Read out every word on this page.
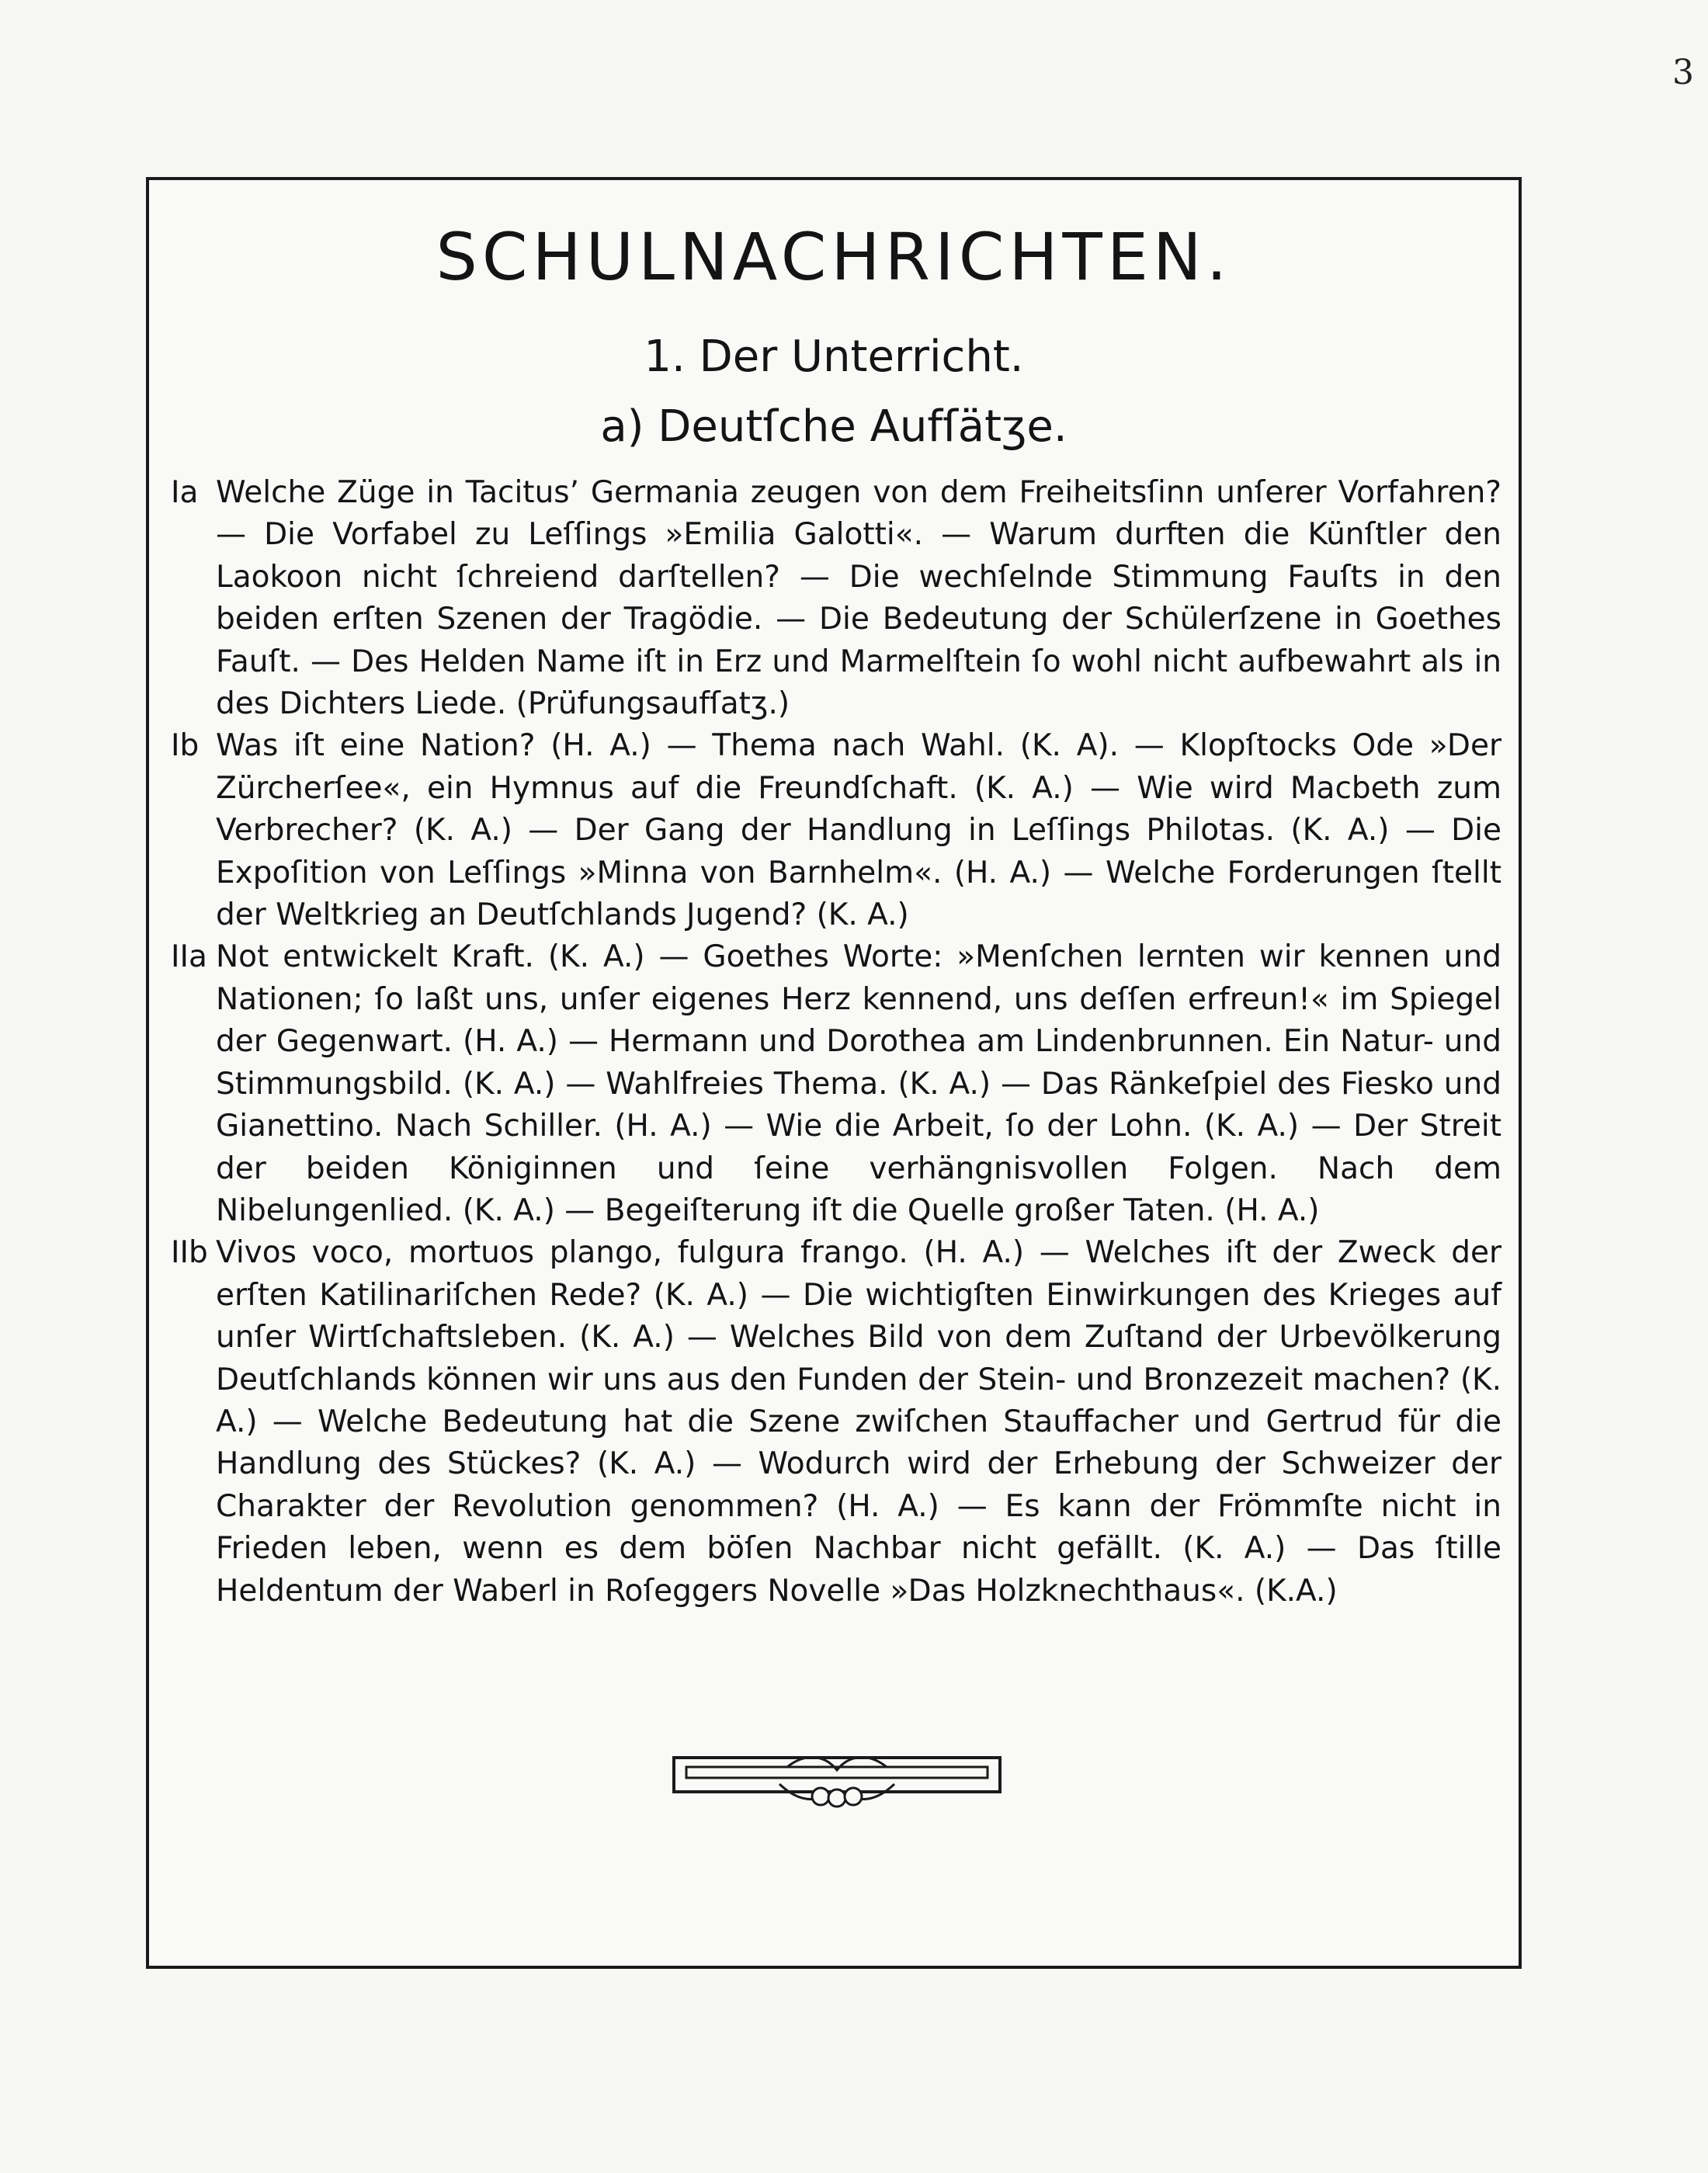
3
SCHULNACHRICHTEN.
1. Der Unterricht.
a) Deutſche Aufſätʒe.
Ia Welche Züge in Tacitus’ Germania zeugen von dem Freiheitsſinn unſerer Vorfahren? — Die Vorfabel zu Leſſings »Emilia Galotti«. — Warum durften die Künſtler den Laokoon nicht ſchreiend darſtellen? — Die wechſelnde Stimmung Fauſts in den beiden erſten Szenen der Tragödie. — Die Bedeutung der Schülerſzene in Goethes Fauſt. — Des Helden Name iſt in Erz und Marmelſtein ſo wohl nicht aufbewahrt als in des Dichters Liede. (Prüfungsaufſatʒ.)
Ib Was iſt eine Nation? (H. A.) — Thema nach Wahl. (K. A). — Klopſtocks Ode »Der Zürcherſee«, ein Hymnus auf die Freundſchaft. (K. A.) — Wie wird Macbeth zum Verbrecher? (K. A.) — Der Gang der Handlung in Leſſings Philotas. (K. A.) — Die Expoſition von Leſſings »Minna von Barnhelm«. (H. A.) — Welche Forderungen ſtellt der Weltkrieg an Deutſchlands Jugend? (K. A.)
IIa Not entwickelt Kraft. (K. A.) — Goethes Worte: »Menſchen lernten wir kennen und Nationen; ſo laßt uns, unſer eigenes Herz kennend, uns deſſen erfreun!« im Spiegel der Gegenwart. (H. A.) — Hermann und Dorothea am Lindenbrunnen. Ein Natur- und Stimmungsbild. (K. A.) — Wahlfreies Thema. (K. A.) — Das Ränkeſpiel des Fiesko und Gianettino. Nach Schiller. (H. A.) — Wie die Arbeit, ſo der Lohn. (K. A.) — Der Streit der beiden Königinnen und ſeine verhängnisvollen Folgen. Nach dem Nibelungenlied. (K. A.) — Begeiſterung iſt die Quelle großer Taten. (H. A.)
IIb Vivos voco, mortuos plango, fulgura frango. (H. A.) — Welches iſt der Zweck der erſten Katilinariſchen Rede? (K. A.) — Die wichtigſten Einwirkungen des Krieges auf unſer Wirtſchaftsleben. (K. A.) — Welches Bild von dem Zuſtand der Urbevölkerung Deutſchlands können wir uns aus den Funden der Stein- und Bronzezeit machen? (K. A.) — Welche Bedeutung hat die Szene zwiſchen Stauffacher und Gertrud für die Handlung des Stückes? (K. A.) — Wodurch wird der Erhebung der Schweizer der Charakter der Revolution genommen? (H. A.) — Es kann der Frömmſte nicht in Frieden leben, wenn es dem böſen Nachbar nicht gefällt. (K. A.) — Das ſtille Heldentum der Waberl in Roſeggers Novelle »Das Holzknechthaus«. (K.A.)
